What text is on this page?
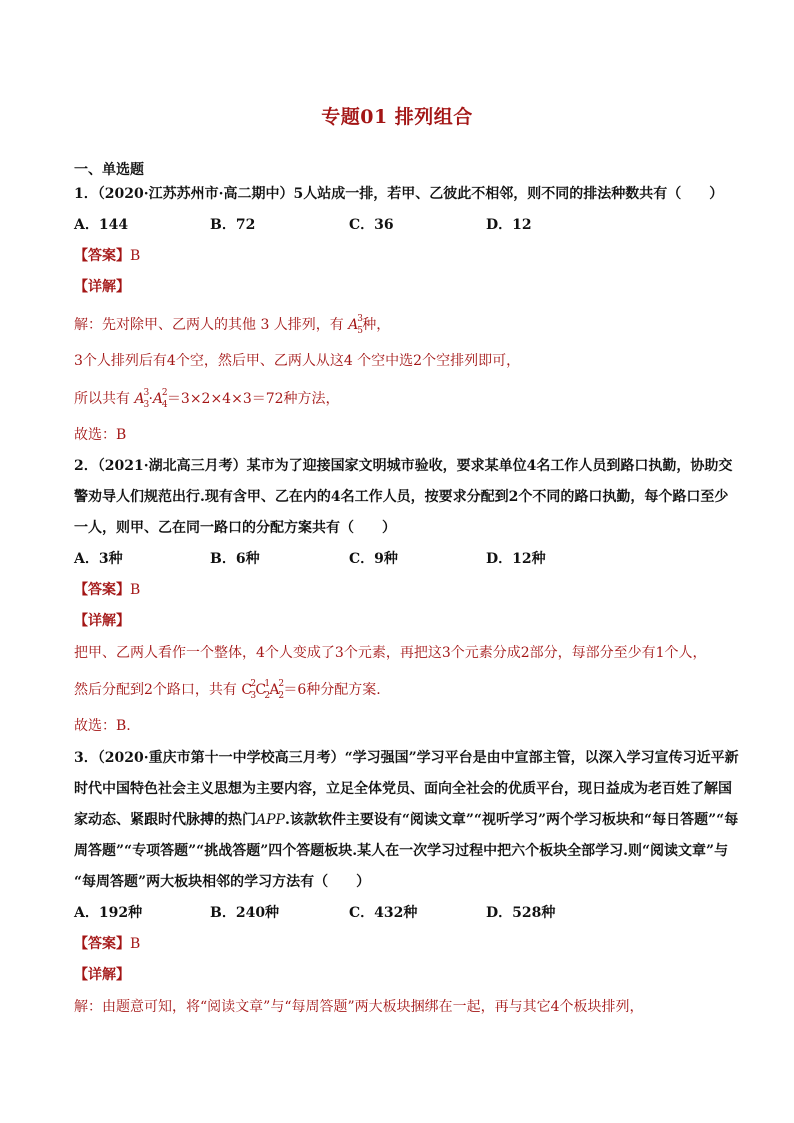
专题01 排列组合
一、单选题
1．（2020·江苏苏州市·高二期中）5人站成一排，若甲、乙彼此不相邻，则不同的排法种数共有（　　）
A．144	B．72	C．36	D．12
【答案】B
【详解】
解：先对除甲、乙两人的其他 3 人排列，有 A
3
5 种，
3个人排列后有4个空，然后甲、乙两人从这4 个空中选2个空排列即可，
所以共有 A
3
3 · A
2
4 ＝3×2×4×3＝72种方法，
故选：B
2．（2021·湖北高三月考）某市为了迎接国家文明城市验收，要求某单位4名工作人员到路口执勤，协助交
警劝导人们规范出行.现有含甲、乙在内的4名工作人员，按要求分配到2个不同的路口执勤，每个路口至少
一人，则甲、乙在同一路口的分配方案共有（　　）
A．3种	B．6种	C．9种	D．12种
【答案】B
【详解】
把甲、乙两人看作一个整体，4个人变成了3个元素，再把这3个元素分成2部分，每部分至少有1个人，
然后分配到2个路口，共有 C
2
3 C
1
2 A
2
2 ＝6种分配方案.
故选：B.
3．（2020·重庆市第十一中学校高三月考）“学习强国”学习平台是由中宣部主管，以深入学习宣传习近平新
时代中国特色社会主义思想为主要内容，立足全体党员、面向全社会的优质平台，现日益成为老百姓了解国
家动态、紧跟时代脉搏的热门APP.该款软件主要设有“阅读文章”“视听学习”两个学习板块和“每日答题”“每
周答题”“专项答题”“挑战答题”四个答题板块.某人在一次学习过程中把六个板块全部学习.则“阅读文章”与
“每周答题”两大板块相邻的学习方法有（　　）
A．192种	B．240种	C．432种	D．528种
【答案】B
【详解】
解：由题意可知，将“阅读文章”与“每周答题”两大板块捆绑在一起，再与其它4个板块排列，
